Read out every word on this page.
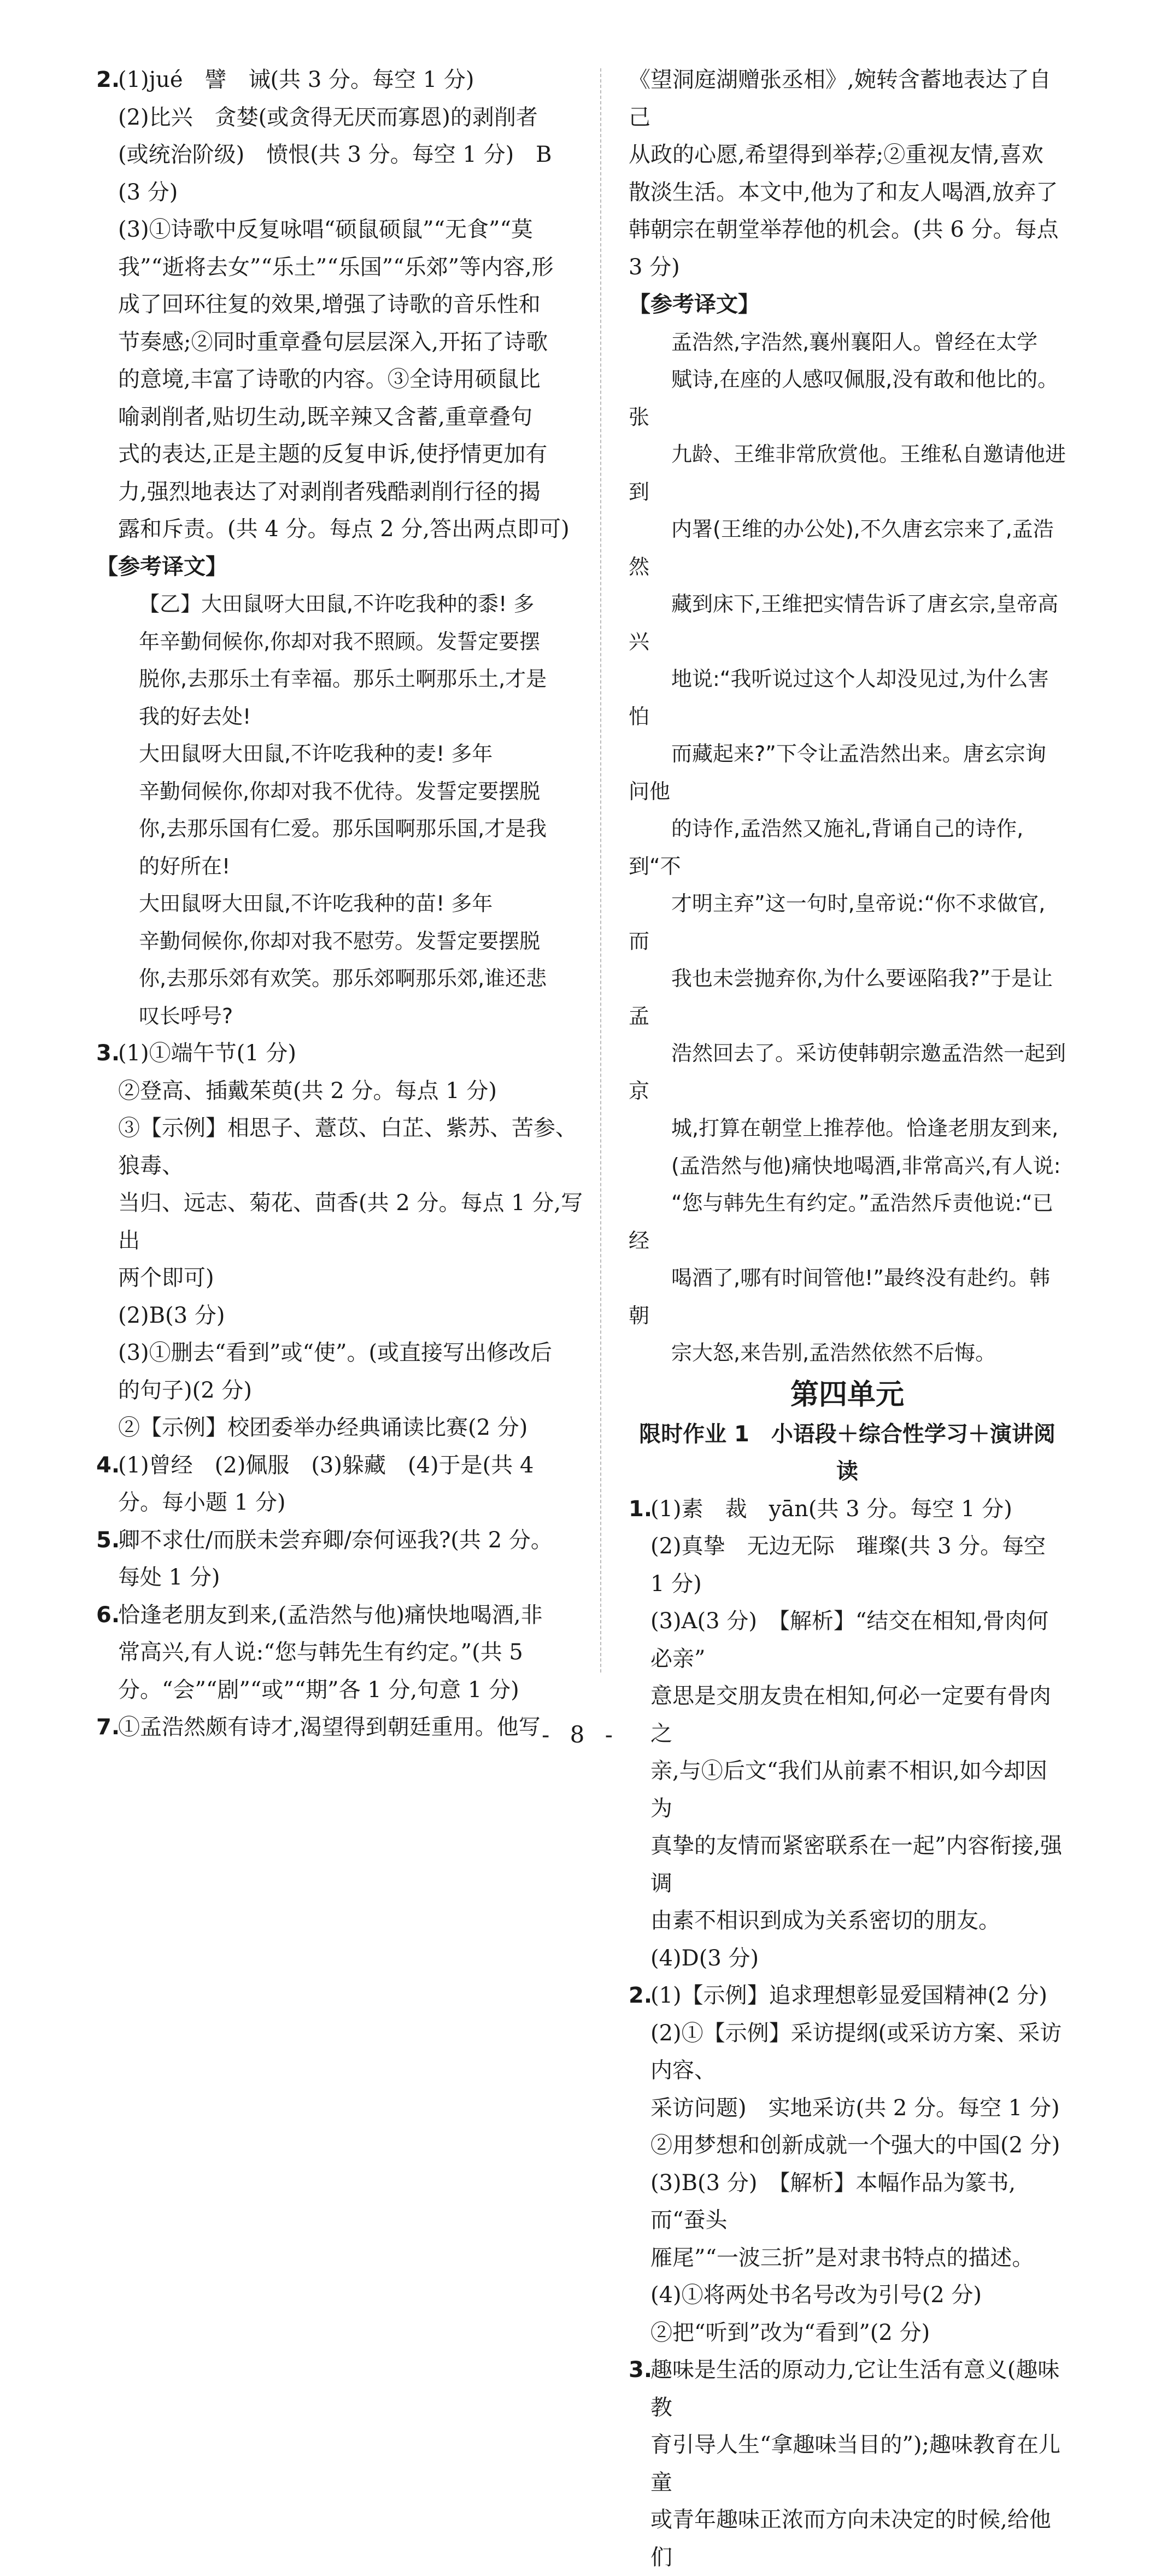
2.

(1)jué　譬　诫(共 3 分。每空 1 分)

(2)比兴　贪婪(或贪得无厌而寡恩)的剥削者

(或统治阶级)　愤恨(共 3 分。每空 1 分)　B

(3 分)

(3)①诗歌中反复咏唱“硕鼠硕鼠”“无食”“莫

我”“逝将去女”“乐土”“乐国”“乐郊”等内容,形

成了回环往复的效果,增强了诗歌的音乐性和

节奏感;②同时重章叠句层层深入,开拓了诗歌

的意境,丰富了诗歌的内容。③全诗用硕鼠比

喻剥削者,贴切生动,既辛辣又含蓄,重章叠句

式的表达,正是主题的反复申诉,使抒情更加有

力,强烈地表达了对剥削者残酷剥削行径的揭

露和斥责。(共 4 分。每点 2 分,答出两点即可)

【参考译文】

【乙】大田鼠呀大田鼠,不许吃我种的黍! 多

年辛勤伺候你,你却对我不照顾。发誓定要摆

脱你,去那乐土有幸福。那乐土啊那乐土,才是

我的好去处!

大田鼠呀大田鼠,不许吃我种的麦! 多年

辛勤伺候你,你却对我不优待。发誓定要摆脱

你,去那乐国有仁爱。那乐国啊那乐国,才是我

的好所在!

大田鼠呀大田鼠,不许吃我种的苗! 多年

辛勤伺候你,你却对我不慰劳。发誓定要摆脱

你,去那乐郊有欢笑。那乐郊啊那乐郊,谁还悲

叹长呼号?

3.

(1)①端午节(1 分)

②登高、插戴茱萸(共 2 分。每点 1 分)

③【示例】相思子、薏苡、白芷、紫苏、苦参、狼毒、

当归、远志、菊花、茴香(共 2 分。每点 1 分,写出

两个即可)

(2)B(3 分)

(3)①删去“看到”或“使”。(或直接写出修改后

的句子)(2 分)

②【示例】校团委举办经典诵读比赛(2 分)

4.

(1)曾经　(2)佩服　(3)躲藏　(4)于是(共 4

分。每小题 1 分)

5.

卿不求仕/而朕未尝弃卿/奈何诬我?(共 2 分。

每处 1 分)

6.

恰逢老朋友到来,(孟浩然与他)痛快地喝酒,非

常高兴,有人说:“您与韩先生有约定。”(共 5

分。“会”“剧”“或”“期”各 1 分,句意 1 分)

7.

①孟浩然颇有诗才,渴望得到朝廷重用。他写

《望洞庭湖赠张丞相》,婉转含蓄地表达了自己

从政的心愿,希望得到举荐;②重视友情,喜欢

散淡生活。本文中,他为了和友人喝酒,放弃了

韩朝宗在朝堂举荐他的机会。(共 6 分。每点

3 分)

【参考译文】

孟浩然,字浩然,襄州襄阳人。曾经在太学

赋诗,在座的人感叹佩服,没有敢和他比的。张

九龄、王维非常欣赏他。王维私自邀请他进到

内署(王维的办公处),不久唐玄宗来了,孟浩然

藏到床下,王维把实情告诉了唐玄宗,皇帝高兴

地说:“我听说过这个人却没见过,为什么害怕

而藏起来?”下令让孟浩然出来。唐玄宗询问他

的诗作,孟浩然又施礼,背诵自己的诗作,到“不

才明主弃”这一句时,皇帝说:“你不求做官,而

我也未尝抛弃你,为什么要诬陷我?”于是让孟

浩然回去了。采访使韩朝宗邀孟浩然一起到京

城,打算在朝堂上推荐他。恰逢老朋友到来,

(孟浩然与他)痛快地喝酒,非常高兴,有人说:

“您与韩先生有约定。”孟浩然斥责他说:“已经

喝酒了,哪有时间管他!”最终没有赴约。韩朝

宗大怒,来告别,孟浩然依然不后悔。

第四单元

限时作业 1　小语段＋综合性学习＋演讲阅读

1.

(1)素　裁　yān(共 3 分。每空 1 分)

(2)真挚　无边无际　璀璨(共 3 分。每空 1 分)

(3)A(3 分)　【解析】“结交在相知,骨肉何必亲”

意思是交朋友贵在相知,何必一定要有骨肉之

亲,与①后文“我们从前素不相识,如今却因为

真挚的友情而紧密联系在一起”内容衔接,强调

由素不相识到成为关系密切的朋友。

(4)D(3 分)

2.

(1)【示例】追求理想彰显爱国精神(2 分)

(2)①【示例】采访提纲(或采访方案、采访内容、

采访问题)　实地采访(共 2 分。每空 1 分)

②用梦想和创新成就一个强大的中国(2 分)

(3)B(3 分)　【解析】本幅作品为篆书,而“蚕头

雁尾”“一波三折”是对隶书特点的描述。

(4)①将两处书名号改为引号(2 分)

②把“听到”改为“看到”(2 分)

3.

趣味是生活的原动力,它让生活有意义(趣味教

育引导人生“拿趣味当目的”);趣味教育在儿童

或青年趣味正浓而方向未决定的时候,给他们

- 8 -
